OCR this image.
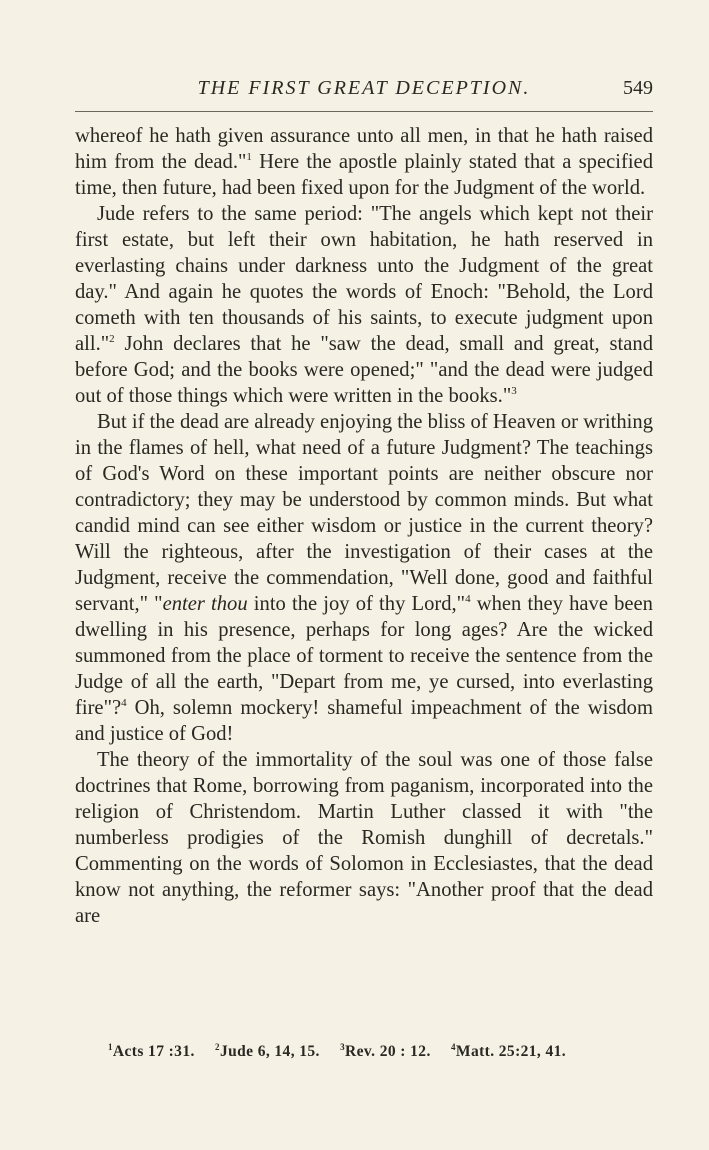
THE FIRST GREAT DECEPTION.	549

whereof he hath given assurance unto all men, in that he hath raised him from the dead."$^1$ Here the apostle plainly stated that a specified time, then future, had been fixed upon for the Judgment of the world.

Jude refers to the same period: "The angels which kept not their first estate, but left their own habitation, he hath reserved in everlasting chains under darkness unto the Judgment of the great day." And again he quotes the words of Enoch: "Behold, the Lord cometh with ten thousands of his saints, to execute judgment upon all."$^2$ John declares that he "saw the dead, small and great, stand before God; and the books were opened;" "and the dead were judged out of those things which were written in the books."$^3$

But if the dead are already enjoying the bliss of Heaven or writhing in the flames of hell, what need of a future Judgment? The teachings of God's Word on these important points are neither obscure nor contradictory; they may be understood by common minds. But what candid mind can see either wisdom or justice in the current theory? Will the righteous, after the investigation of their cases at the Judgment, receive the commendation, "Well done, good and faithful servant," "enter thou into the joy of thy Lord,"$^4$ when they have been dwelling in his presence, perhaps for long ages? Are the wicked summoned from the place of torment to receive the sentence from the Judge of all the earth, "Depart from me, ye cursed, into everlasting fire"?$^4$ Oh, solemn mockery! shameful impeachment of the wisdom and justice of God!

The theory of the immortality of the soul was one of those false doctrines that Rome, borrowing from paganism, incorporated into the religion of Christendom. Martin Luther classed it with "the numberless prodigies of the Romish dunghill of decretals." Commenting on the words of Solomon in Ecclesiastes, that the dead know not anything, the reformer says: "Another proof that the dead are

$^1$Acts 17 :31. $^2$Jude 6, 14, 15. $^3$Rev. 20 : 12. $^4$Matt. 25:21, 41.
